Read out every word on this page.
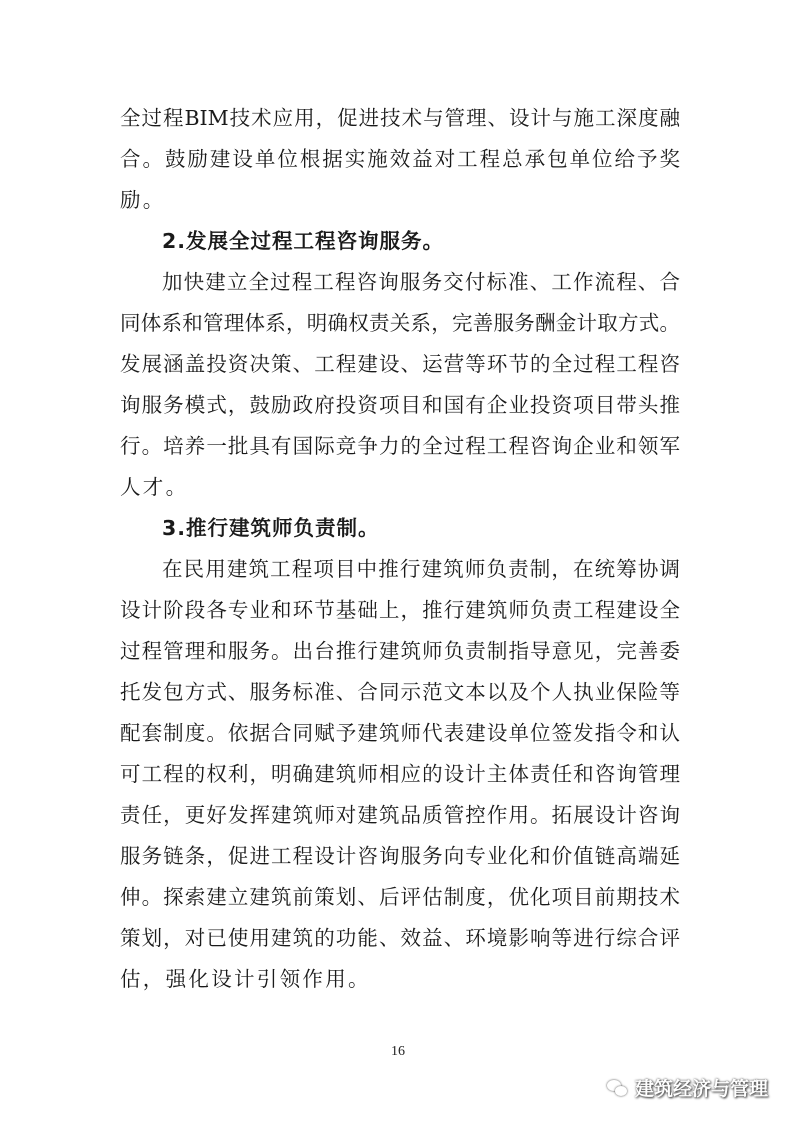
全过程BIM技术应用，促进技术与管理、设计与施工深度融
合。鼓励建设单位根据实施效益对工程总承包单位给予奖
励。
2.发展全过程工程咨询服务。
加快建立全过程工程咨询服务交付标准、工作流程、合
同体系和管理体系，明确权责关系，完善服务酬金计取方式。
发展涵盖投资决策、工程建设、运营等环节的全过程工程咨
询服务模式，鼓励政府投资项目和国有企业投资项目带头推
行。培养一批具有国际竞争力的全过程工程咨询企业和领军
人才。
3.推行建筑师负责制。
在民用建筑工程项目中推行建筑师负责制，在统筹协调
设计阶段各专业和环节基础上，推行建筑师负责工程建设全
过程管理和服务。出台推行建筑师负责制指导意见，完善委
托发包方式、服务标准、合同示范文本以及个人执业保险等
配套制度。依据合同赋予建筑师代表建设单位签发指令和认
可工程的权利，明确建筑师相应的设计主体责任和咨询管理
责任，更好发挥建筑师对建筑品质管控作用。拓展设计咨询
服务链条，促进工程设计咨询服务向专业化和价值链高端延
伸。探索建立建筑前策划、后评估制度，优化项目前期技术
策划，对已使用建筑的功能、效益、环境影响等进行综合评
估，强化设计引领作用。
16
建筑经济与管理
